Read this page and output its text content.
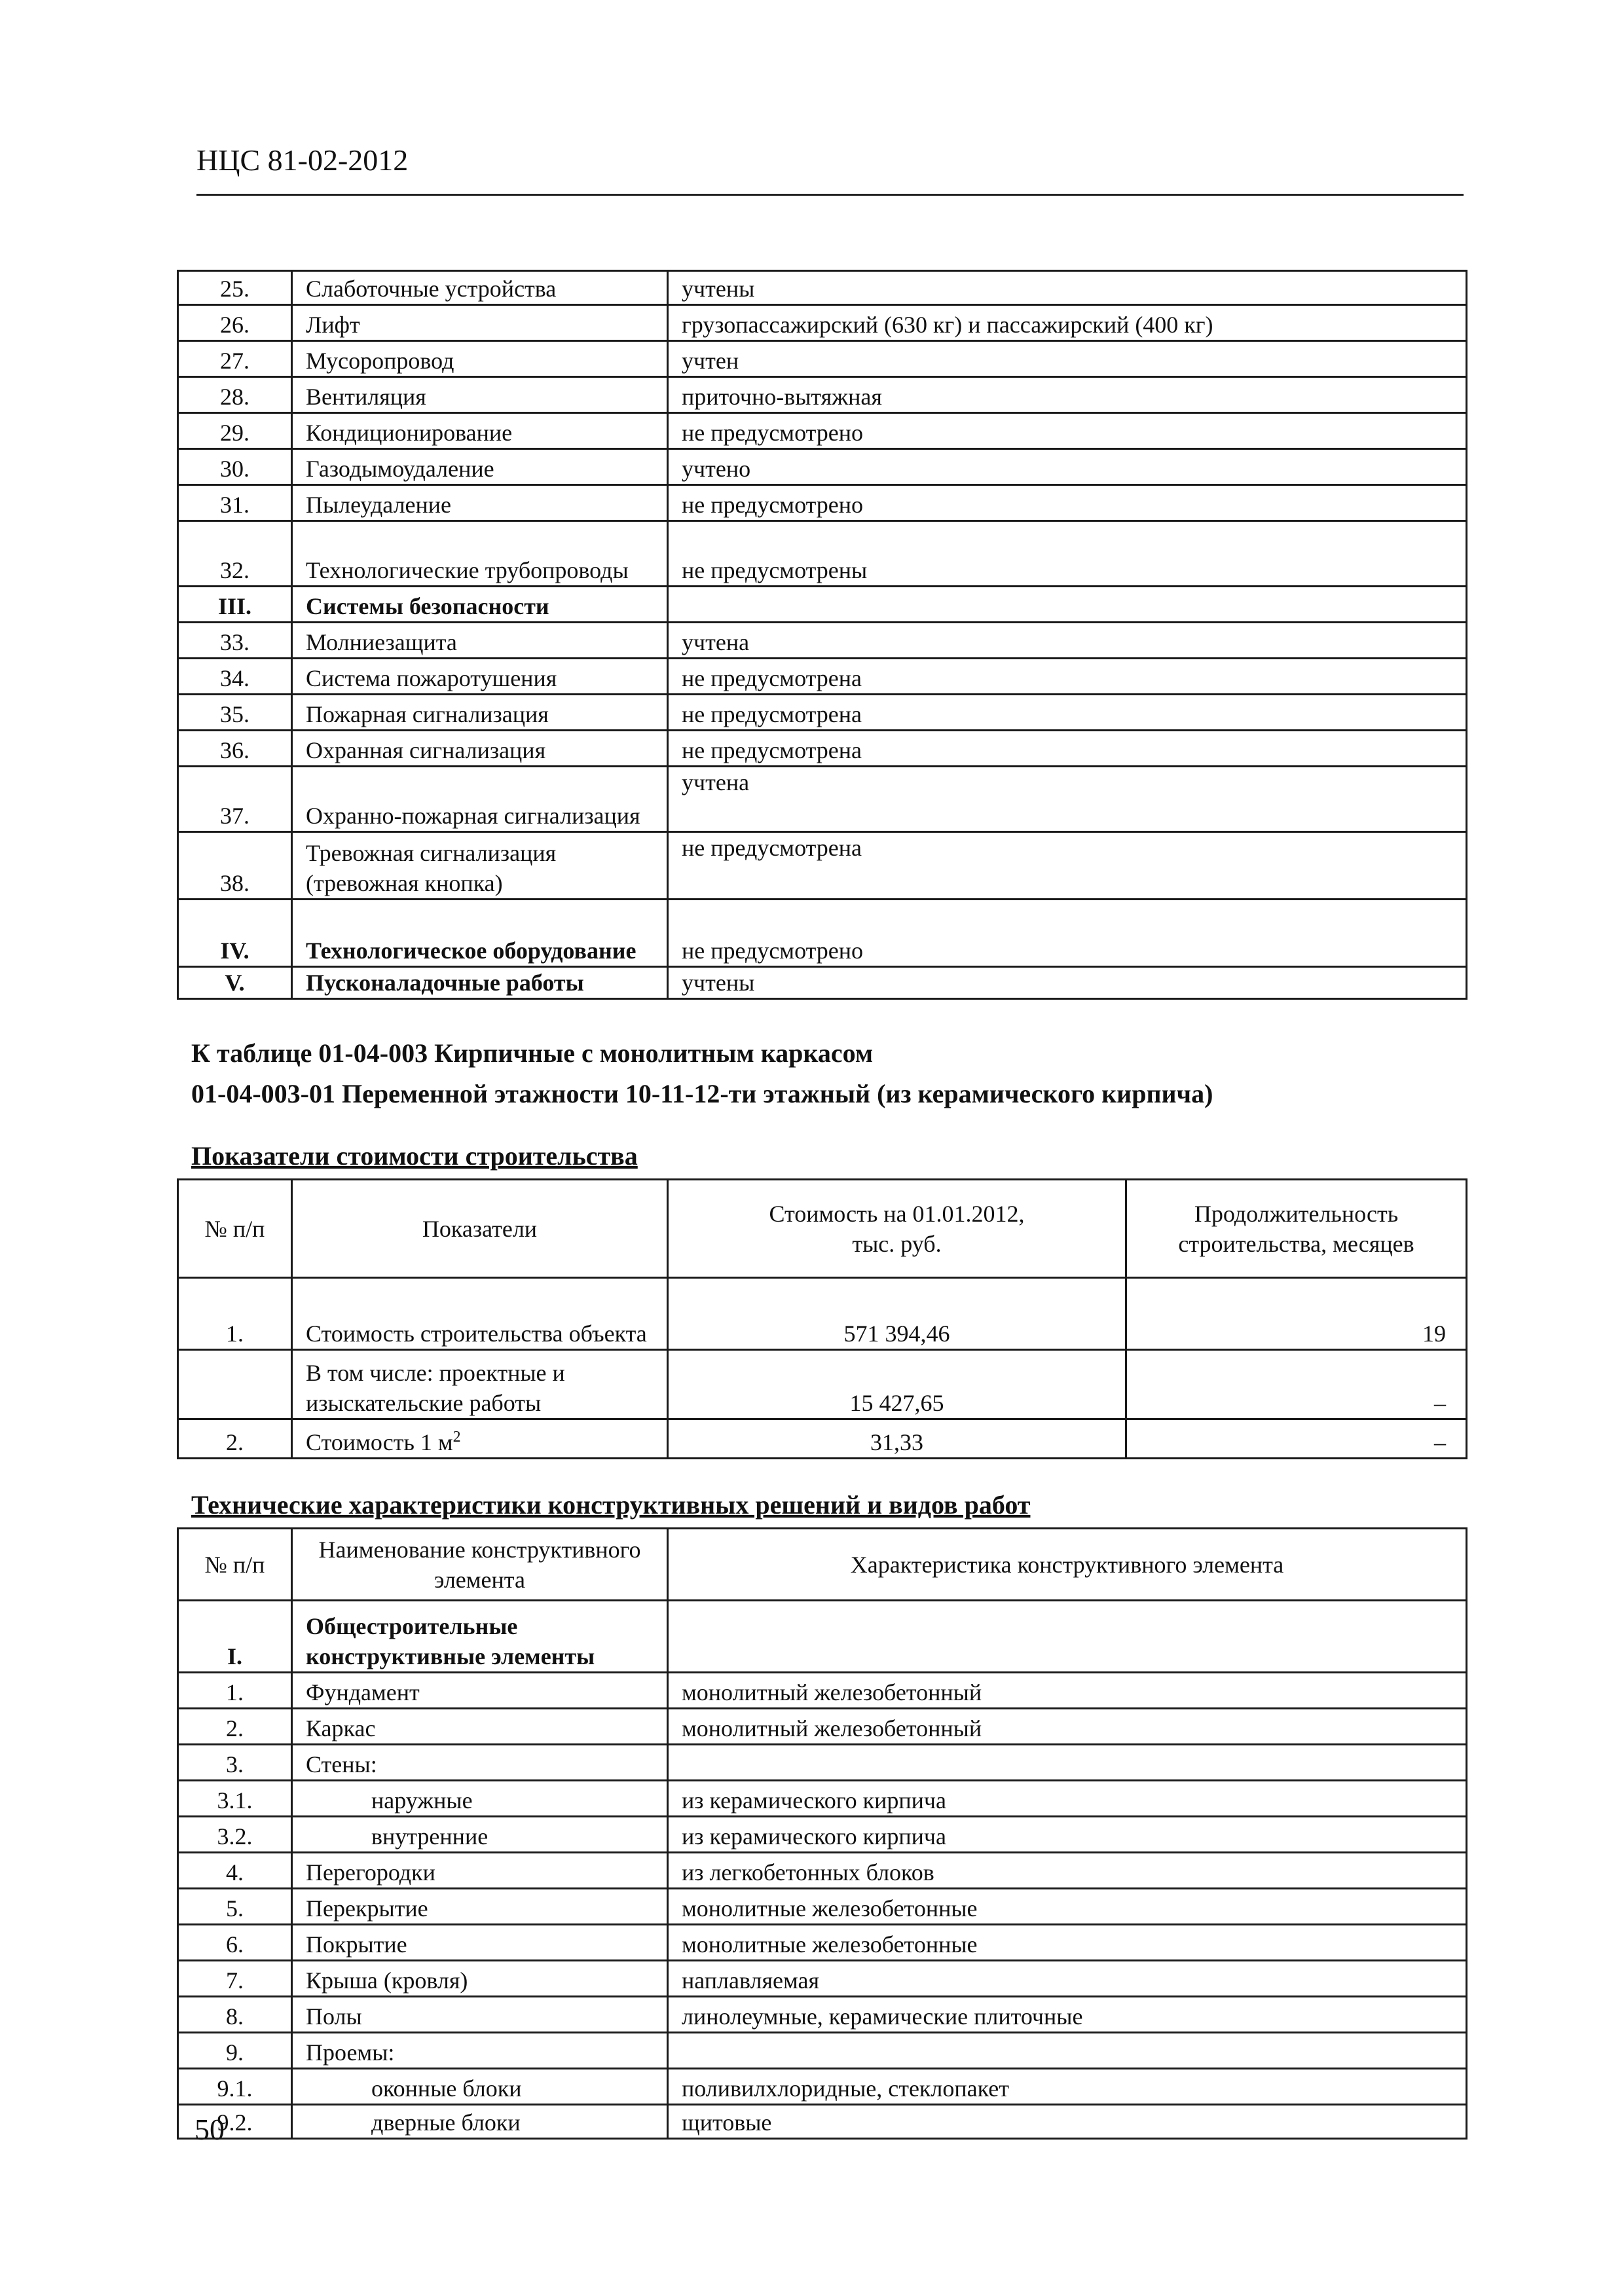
НЦС 81-02-2012
25.	Слаботочные устройства	учтены
26.	Лифт	грузопассажирский (630 кг) и пассажирский (400 кг)
27.	Мусоропровод	учтен
28.	Вентиляция	приточно-вытяжная
29.	Кондиционирование	не предусмотрено
30.	Газодымоудаление	учтено
31.	Пылеудаление	не предусмотрено
32.	Технологические трубопроводы	не предусмотрены
III.	Системы безопасности	
33.	Молниезащита	учтена
34.	Система пожаротушения	не предусмотрена
35.	Пожарная сигнализация	не предусмотрена
36.	Охранная сигнализация	не предусмотрена
37.	Охранно-пожарная сигнализация	учтена
38.	Тревожная сигнализация (тревожная кнопка)	не предусмотрена
IV.	Технологическое оборудование	не предусмотрено
V.	Пусконаладочные работы	учтены
К таблице 01-04-003 Кирпичные с монолитным каркасом
01-04-003-01 Переменной этажности 10-11-12-ти этажный (из керамического кирпича)
Показатели стоимости строительства
№ п/п	Показатели	Стоимость на 01.01.2012, тыс. руб.	Продолжительность строительства, месяцев
1.	Стоимость строительства объекта	571 394,46	19
	В том числе: проектные и изыскательские работы	15 427,65	–
2.	Стоимость 1 $м^2$	31,33	–
Технические характеристики конструктивных решений и видов работ
№ п/п	Наименование конструктивного элемента	Характеристика конструктивного элемента
I.	Общестроительные конструктивные элементы	
1.	Фундамент	монолитный железобетонный
2.	Каркас	монолитный железобетонный
3.	Стены:	
3.1.	наружные	из керамического кирпича
3.2.	внутренние	из керамического кирпича
4.	Перегородки	из легкобетонных блоков
5.	Перекрытие	монолитные железобетонные
6.	Покрытие	монолитные железобетонные
7.	Крыша (кровля)	наплавляемая
8.	Полы	линолеумные, керамические плиточные
9.	Проемы:	
9.1.	оконные блоки	поливилхлоридные, стеклопакет
9.2.	дверные блоки	щитовые
50
